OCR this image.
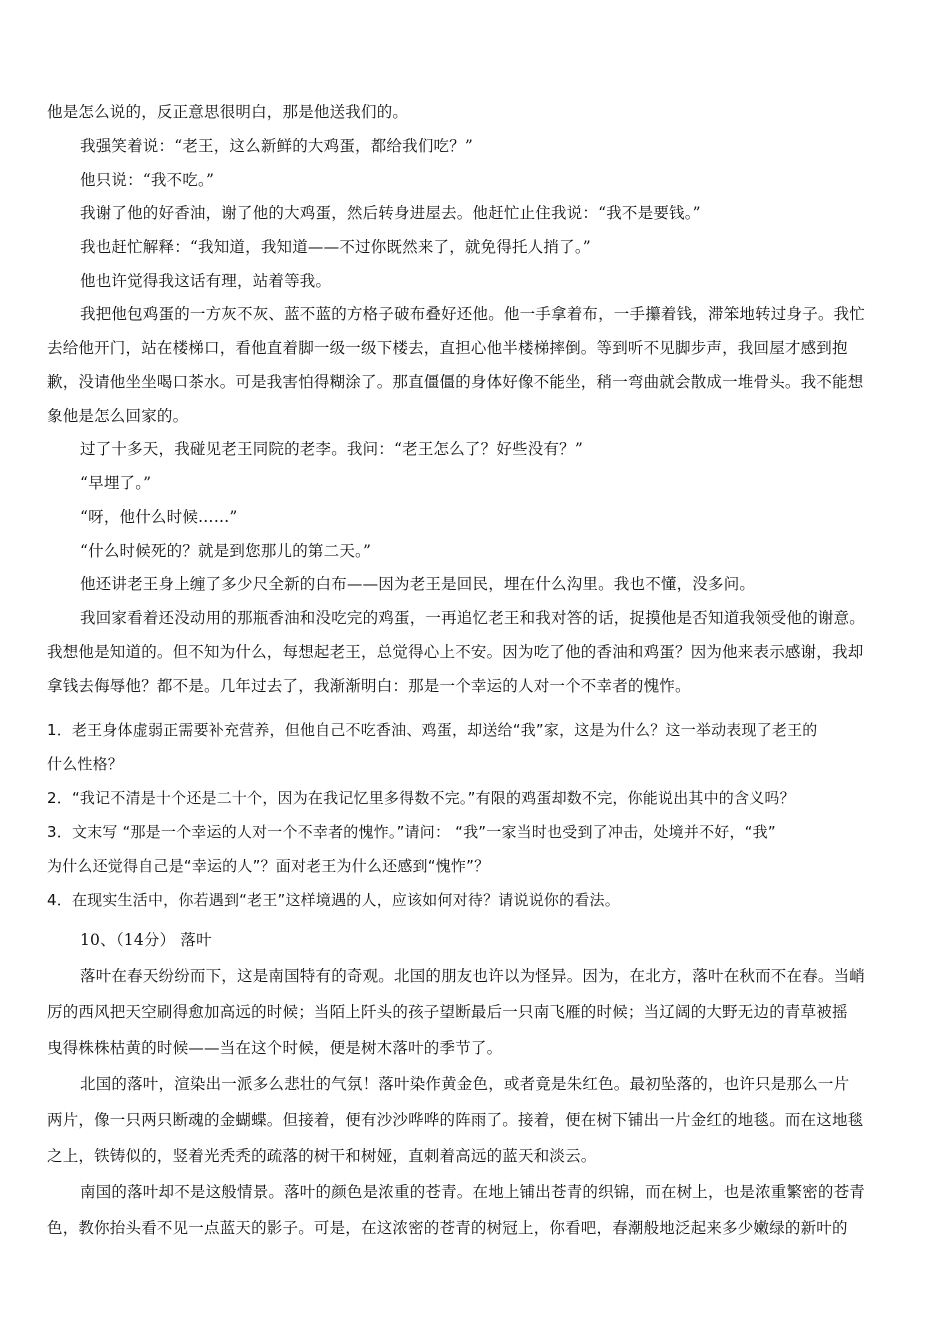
他是怎么说的，反正意思很明白，那是他送我们的。
我强笑着说：“老王，这么新鲜的大鸡蛋，都给我们吃？”
他只说：“我不吃。”
我谢了他的好香油，谢了他的大鸡蛋，然后转身进屋去。他赶忙止住我说：“我不是要钱。”
我也赶忙解释：“我知道，我知道——不过你既然来了，就免得托人捎了。”
他也许觉得我这话有理，站着等我。
我把他包鸡蛋的一方灰不灰、蓝不蓝的方格子破布叠好还他。他一手拿着布，一手攥着钱，滞笨地转过身子。我忙
去给他开门，站在楼梯口，看他直着脚一级一级下楼去，直担心他半楼梯摔倒。等到听不见脚步声，我回屋才感到抱
歉，没请他坐坐喝口茶水。可是我害怕得糊涂了。那直僵僵的身体好像不能坐，稍一弯曲就会散成一堆骨头。我不能想
象他是怎么回家的。
过了十多天，我碰见老王同院的老李。我问：“老王怎么了？好些没有？”
“早埋了。”
“呀，他什么时候……”
“什么时候死的？就是到您那儿的第二天。”
他还讲老王身上缠了多少尺全新的白布——因为老王是回民，埋在什么沟里。我也不懂，没多问。
我回家看着还没动用的那瓶香油和没吃完的鸡蛋，一再追忆老王和我对答的话，捉摸他是否知道我领受他的谢意。
我想他是知道的。但不知为什么，每想起老王，总觉得心上不安。因为吃了他的香油和鸡蛋？因为他来表示感谢，我却
拿钱去侮辱他？都不是。几年过去了，我渐渐明白：那是一个幸运的人对一个不幸者的愧怍。
1．老王身体虚弱正需要补充营养，但他自己不吃香油、鸡蛋，却送给“我”家，这是为什么？这一举动表现了老王的
什么性格？
2．“我记不清是十个还是二十个，因为在我记忆里多得数不完。”有限的鸡蛋却数不完，你能说出其中的含义吗？
3．文末写 “那是一个幸运的人对一个不幸者的愧怍。”请问： “我”一家当时也受到了冲击，处境并不好，“我”
为什么还觉得自己是“幸运的人”？面对老王为什么还感到“愧怍”？
4．在现实生活中，你若遇到“老王”这样境遇的人，应该如何对待？请说说你的看法。
10、（14分） 落叶
落叶在春天纷纷而下，这是南国特有的奇观。北国的朋友也许以为怪异。因为，在北方，落叶在秋而不在春。当峭
厉的西风把天空刷得愈加高远的时候；当陌上阡头的孩子望断最后一只南飞雁的时候；当辽阔的大野无边的青草被摇
曳得株株枯黄的时候——当在这个时候，便是树木落叶的季节了。
北国的落叶，渲染出一派多么悲壮的气氛！落叶染作黄金色，或者竟是朱红色。最初坠落的，也许只是那么一片
两片，像一只两只断魂的金蝴蝶。但接着，便有沙沙哗哗的阵雨了。接着，便在树下铺出一片金红的地毯。而在这地毯
之上，铁铸似的，竖着光秃秃的疏落的树干和树娅，直刺着高远的蓝天和淡云。
南国的落叶却不是这般情景。落叶的颜色是浓重的苍青。在地上铺出苍青的织锦，而在树上，也是浓重繁密的苍青
色，教你抬头看不见一点蓝天的影子。可是，在这浓密的苍青的树冠上，你看吧，春潮般地泛起来多少嫩绿的新叶的
